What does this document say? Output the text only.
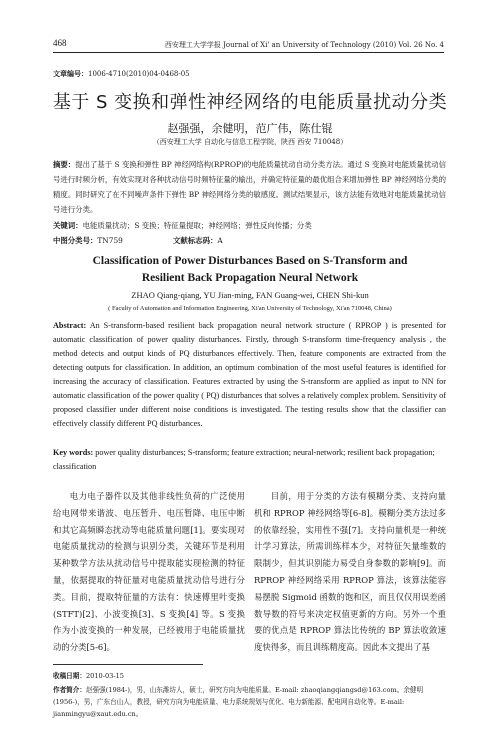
468	西安理工大学学报 Journal of Xi' an University of Technology (2010) Vol. 26 No. 4
文章编号：1006-4710(2010)04-0468-05
基于 S 变换和弹性神经网络的电能质量扰动分类
赵强强，余健明，范广伟，陈仕锟
（西安理工大学 自动化与信息工程学院，陕西 西安 710048）
摘要：提出了基于 S 变换和弹性 BP 神经网络构(RPROP)的电能质量扰动自动分类方法。通过 S 变换对电能质量扰动信号进行时频分析，有效实现对各种扰动信号时频特征量的输出，并确定特征量的最优组合来增加弹性 BP 神经网络分类的精度。同时研究了在不同噪声条件下弹性 BP 神经网络分类的敏感度。测试结果显示，该方法能有效地对电能质量扰动信号进行分类。
关键词：电能质量扰动；S 变换；特征量提取；神经网络；弹性反向传播；分类
中图分类号：TN759	文献标志码：A
Classification of Power Disturbances Based on S-Transform and
Resilient Back Propagation Neural Network
ZHAO Qiang-qiang, YU Jian-ming, FAN Guang-wei, CHEN Shi-kun
( Faculty of Automation and Information Engineering, Xi'an University of Technology, Xi'an 710048, China)
Abstract: An S-transform-based resilient back propagation neural network structure ( RPROP ) is presented for automatic classification of power quality disturbances. Firstly, through S-transform time-frequency analysis , the method detects and output kinds of PQ disturbances effectively. Then, feature components are extracted from the detecting outputs for classification. In addition, an optimum combination of the most useful features is identified for increasing the accuracy of classification. Features extracted by using the S-transform are applied as input to NN for automatic classification of the power quality ( PQ) disturbances that solves a relatively complex problem. Sensitivity of proposed classifier under different noise conditions is investigated. The testing results show that the classifier can effectively classify different PQ disturbances.
Key words: power quality disturbances; S-transform; feature extraction; neural-network; resilient back propagation; classification

电力电子器件以及其他非线性负荷的广泛使用给电网带来谐波、电压暂升、电压暂降、电压中断和其它高频瞬态扰动等电能质量问题[1]。要实现对电能质量扰动的检测与识别分类，关键环节是利用某种数学方法从扰动信号中提取能实现检测的特征量，依据提取的特征量对电能质量扰动信号进行分类。目前，提取特征量的方法有：快速傅里叶变换(STFT)[2]、小波变换[3]、S 变换[4] 等。S 变换作为小波变换的一种发展，已经被用于电能质量扰动的分类[5-6]。

目前，用于分类的方法有模糊分类、支持向量机和 RPROP 神经网络等[6-8]。模糊分类方法过多的依靠经验，实用性不强[7]。支持向量机是一种统计学习算法，所需训练样本少，对特征矢量维数的限制少，但其识别能力易受自身参数的影响[9]。而 RPROP 神经网络采用 RPROP 算法，该算法能容易摆脱 Sigmoid 函数的饱和区，而且仅仅用误差函数导数的符号来决定权值更新的方向。另外一个重要的优点是 RPROP 算法比传统的 BP 算法收敛速度快得多，而且训练精度高。因此本文提出了基

收稿日期：2010-03-15
作者简介：赵强强(1984-)，男，山东潍坊人，硕士，研究方向为电能质量。E-mail: zhaoqiangqiangsd@163.com。余健明(1956-)，男，广东台山人，教授，研究方向为电能质量、电力系统规划与优化、电力新能源、配电网自动化等。E-mail: jianmingyu@xaut.edu.cn。
